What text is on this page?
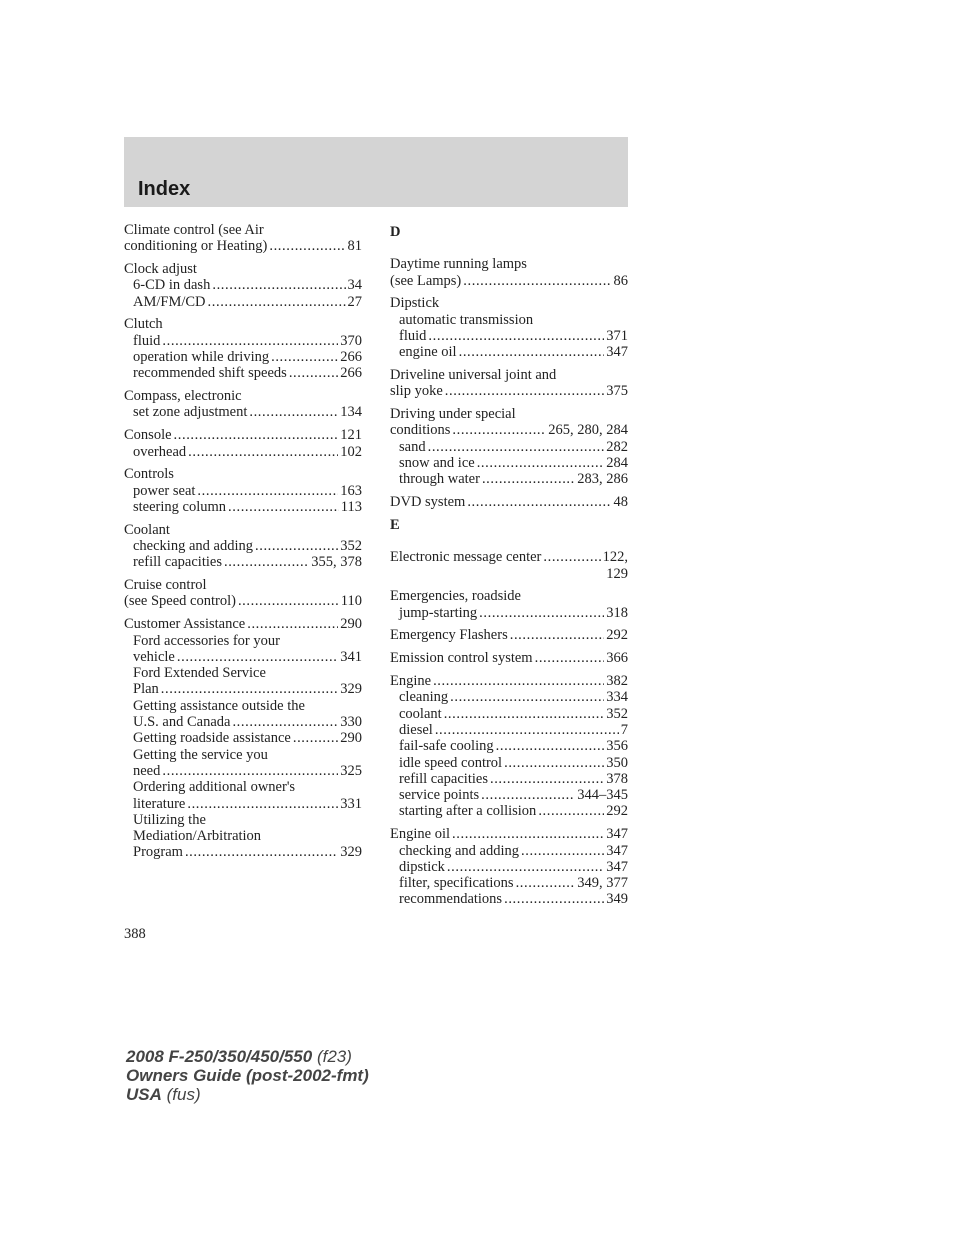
Index
Climate control (see Air
conditioning or Heating) .....	81
Clock adjust
6-CD in dash .....	34
AM/FM/CD .....	27
Clutch
fluid .....	370
operation while driving .....	266
recommended shift speeds .....	266
Compass, electronic
set zone adjustment .....	134
Console .....	121
overhead .....	102
Controls
power seat .....	163
steering column .....	113
Coolant
checking and adding .....	352
refill capacities .....	355, 378
Cruise control
(see Speed control) .....	110
Customer Assistance .....	290
Ford accessories for your
vehicle .....	341
Ford Extended Service
Plan .....	329
Getting assistance outside the
U.S. and Canada .....	330
Getting roadside assistance .....	290
Getting the service you
need .....	325
Ordering additional owner's
literature .....	331
Utilizing the
Mediation/Arbitration
Program .....	329
D
Daytime running lamps
(see Lamps) .....	86
Dipstick
automatic transmission
fluid .....	371
engine oil .....	347
Driveline universal joint and
slip yoke .....	375
Driving under special
conditions .....	265, 280, 284
sand .....	282
snow and ice .....	284
through water .....	283, 286
DVD system .....	48
E
Electronic message center .....	122,
129
Emergencies, roadside
jump-starting .....	318
Emergency Flashers .....	292
Emission control system .....	366
Engine .....	382
cleaning .....	334
coolant .....	352
diesel .....	7
fail-safe cooling .....	356
idle speed control .....	350
refill capacities .....	378
service points .....	344–345
starting after a collision .....	292
Engine oil .....	347
checking and adding .....	347
dipstick .....	347
filter, specifications .....	349, 377
recommendations .....	349
388
2008 F-250/350/450/550 (f23)
Owners Guide (post-2002-fmt)
USA (fus)
